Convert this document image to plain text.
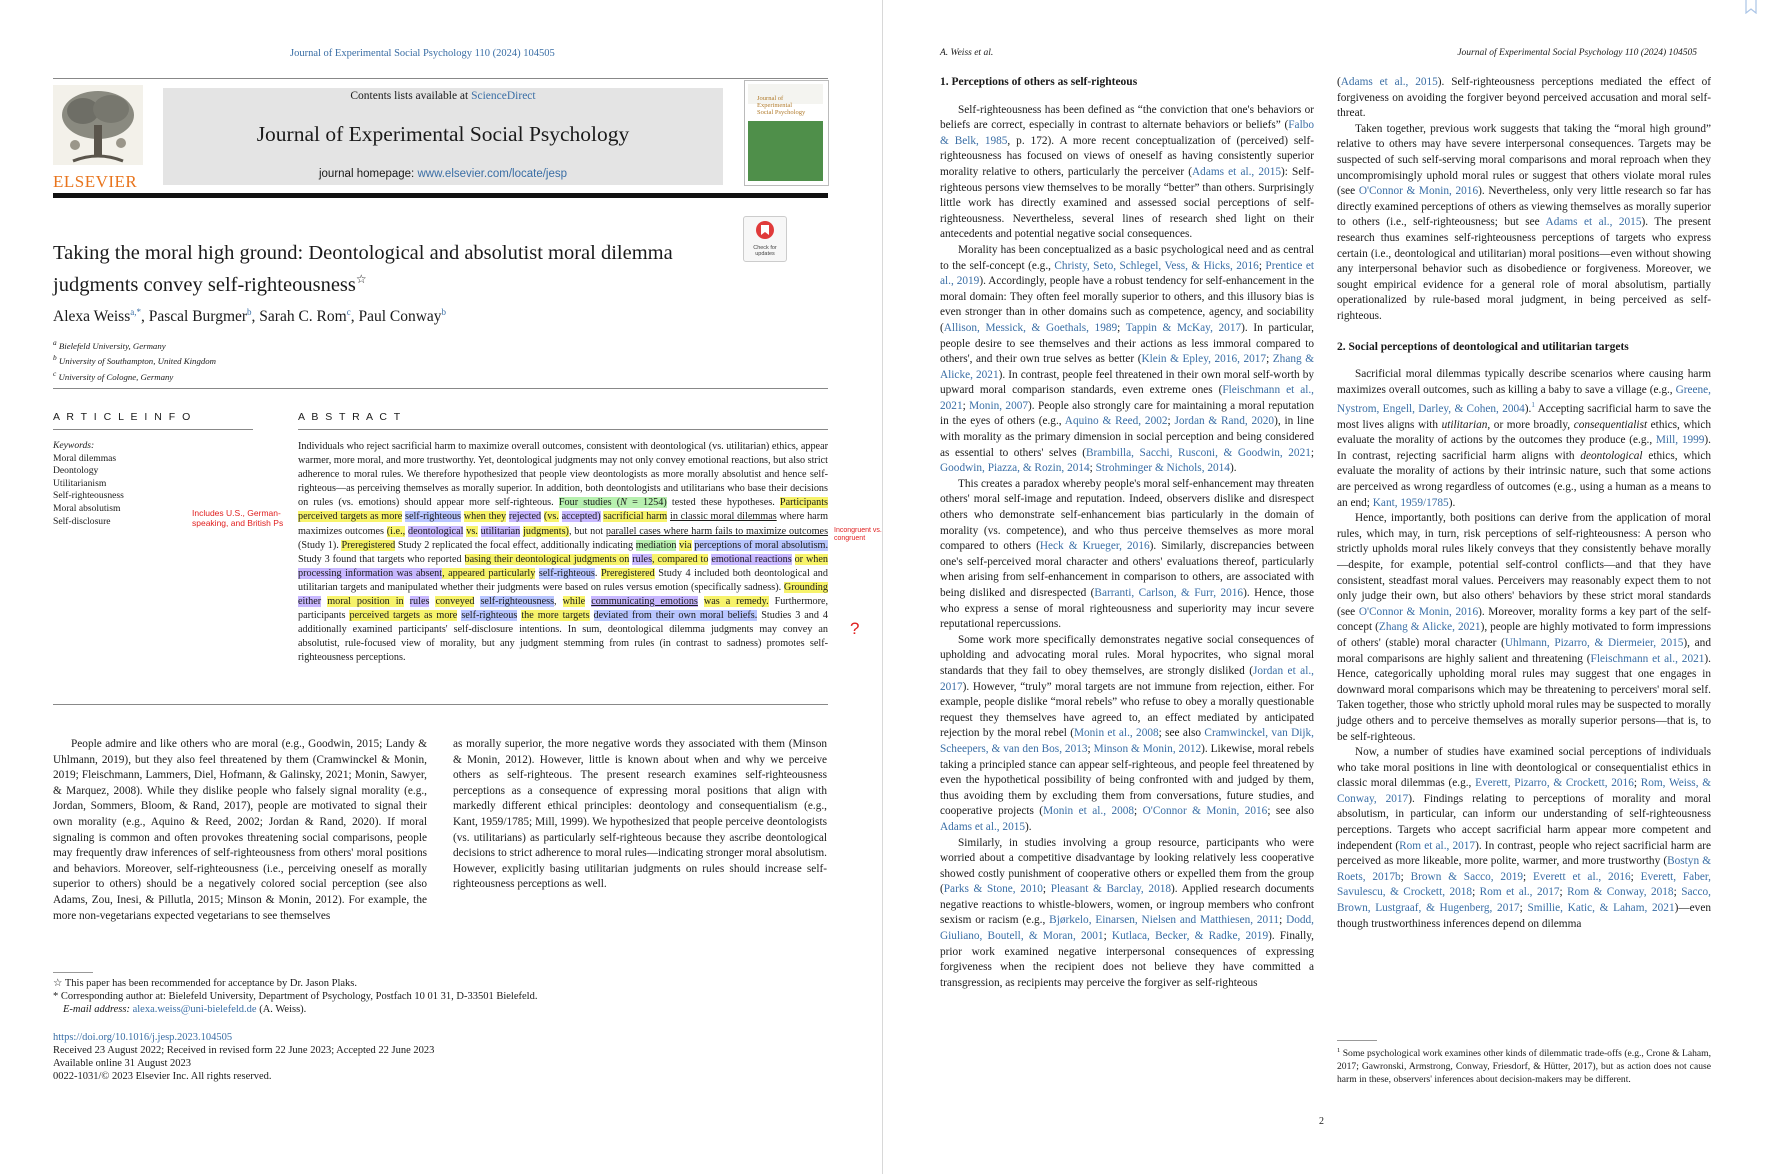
Journal of Experimental Social Psychology 110 (2024) 104505
ELSEVIER
Contents lists available at ScienceDirect
Journal of Experimental Social Psychology
journal homepage: www.elsevier.com/locate/jesp
Journal of
Experimental
Social Psychology
Check for
updates
Taking the moral high ground: Deontological and absolutist moral dilemma judgments convey self-righteousness☆
Alexa Weiss$^{a,*}$, Pascal Burgmer$^b$, Sarah C. Rom$^c$, Paul Conway$^b$
$^a$ Bielefeld University, Germany
$^b$ University of Southampton, United Kingdom
$^c$ University of Cologne, Germany
A R T I C L E I N F O
Keywords:
Moral dilemmas
Deontology
Utilitarianism
Self-righteousness
Moral absolutism
Self-disclosure
Includes U.S., German-speaking, and British Ps
A B S T R A C T
Individuals who reject sacrificial harm to maximize overall outcomes, consistent with deontological (vs. utilitarian) ethics, appear warmer, more moral, and more trustworthy. Yet, deontological judgments may not only convey emotional reactions, but also strict adherence to moral rules. We therefore hypothesized that people view deontologists as more morally absolutist and hence self-righteous—as perceiving themselves as morally superior. In addition, both deontologists and utilitarians who base their decisions on rules (vs. emotions) should appear more self-righteous. Four studies (N = 1254) tested these hypotheses. Participants perceived targets as more self-righteous when they rejected (vs. accepted) sacrificial harm in classic moral dilemmas where harm maximizes outcomes (i.e., deontological vs. utilitarian judgments), but not parallel cases where harm fails to maximize outcomes (Study 1). Preregistered Study 2 replicated the focal effect, additionally indicating mediation via perceptions of moral absolutism. Study 3 found that targets who reported basing their deontological judgments on rules, compared to emotional reactions or when processing information was absent, appeared particularly self-righteous. Preregistered Study 4 included both deontological and utilitarian targets and manipulated whether their judgments were based on rules versus emotion (specifically sadness). Grounding either moral position in rules conveyed self-righteousness, while communicating emotions was a remedy. Furthermore, participants perceived targets as more self-righteous the more targets deviated from their own moral beliefs. Studies 3 and 4 additionally examined participants' self-disclosure intentions. In sum, deontological dilemma judgments may convey an absolutist, rule-focused view of morality, but any judgment stemming from rules (in contrast to sadness) promotes self-righteousness perceptions.
Incongruent vs. congruent
?
People admire and like others who are moral (e.g., Goodwin, 2015; Landy & Uhlmann, 2019), but they also feel threatened by them (Cramwinckel & Monin, 2019; Fleischmann, Lammers, Diel, Hofmann, & Galinsky, 2021; Monin, Sawyer, & Marquez, 2008). While they dislike people who falsely signal morality (e.g., Jordan, Sommers, Bloom, & Rand, 2017), people are motivated to signal their own morality (e.g., Aquino & Reed, 2002; Jordan & Rand, 2020). If moral signaling is common and often provokes threatening social comparisons, people may frequently draw inferences of self-righteousness from others' moral positions and behaviors. Moreover, self-righteousness (i.e., perceiving oneself as morally superior to others) should be a negatively colored social perception (see also Adams, Zou, Inesi, & Pillutla, 2015; Minson & Monin, 2012). For example, the more non-vegetarians expected vegetarians to see themselves
as morally superior, the more negative words they associated with them (Minson & Monin, 2012). However, little is known about when and why we perceive others as self-righteous. The present research examines self-righteousness perceptions as a consequence of expressing moral positions that align with markedly different ethical principles: deontology and consequentialism (e.g., Kant, 1959/1785; Mill, 1999). We hypothesized that people perceive deontologists (vs. utilitarians) as particularly self-righteous because they ascribe deontological decisions to strict adherence to moral rules—indicating stronger moral absolutism. However, explicitly basing utilitarian judgments on rules should increase self-righteousness perceptions as well.
☆ This paper has been recommended for acceptance by Dr. Jason Plaks.
* Corresponding author at: Bielefeld University, Department of Psychology, Postfach 10 01 31, D-33501 Bielefeld.
E-mail address: alexa.weiss@uni-bielefeld.de (A. Weiss).
https://doi.org/10.1016/j.jesp.2023.104505
Received 23 August 2022; Received in revised form 22 June 2023; Accepted 22 June 2023
Available online 31 August 2023
0022-1031/© 2023 Elsevier Inc. All rights reserved.
A. Weiss et al.	Journal of Experimental Social Psychology 110 (2024) 104505

1. Perceptions of others as self-righteous

Self-righteousness has been defined as “the conviction that one's behaviors or beliefs are correct, especially in contrast to alternate behaviors or beliefs” (Falbo & Belk, 1985, p. 172). A more recent conceptualization of (perceived) self-righteousness has focused on views of oneself as having consistently superior morality relative to others, particularly the perceiver (Adams et al., 2015): Self-righteous persons view themselves to be morally “better” than others. Surprisingly little work has directly examined and assessed social perceptions of self-righteousness. Nevertheless, several lines of research shed light on their antecedents and potential negative social consequences.

Morality has been conceptualized as a basic psychological need and as central to the self-concept (e.g., Christy, Seto, Schlegel, Vess, & Hicks, 2016; Prentice et al., 2019). Accordingly, people have a robust tendency for self-enhancement in the moral domain: They often feel morally superior to others, and this illusory bias is even stronger than in other domains such as competence, agency, and sociability (Allison, Messick, & Goethals, 1989; Tappin & McKay, 2017). In particular, people desire to see themselves and their actions as less immoral compared to others', and their own true selves as better (Klein & Epley, 2016, 2017; Zhang & Alicke, 2021). In contrast, people feel threatened in their own moral self-worth by upward moral comparison standards, even extreme ones (Fleischmann et al., 2021; Monin, 2007). People also strongly care for maintaining a moral reputation in the eyes of others (e.g., Aquino & Reed, 2002; Jordan & Rand, 2020), in line with morality as the primary dimension in social perception and being considered as essential to others' selves (Brambilla, Sacchi, Rusconi, & Goodwin, 2021; Goodwin, Piazza, & Rozin, 2014; Strohminger & Nichols, 2014).

This creates a paradox whereby people's moral self-enhancement may threaten others' moral self-image and reputation. Indeed, observers dislike and disrespect others who demonstrate self-enhancement bias particularly in the domain of morality (vs. competence), and who thus perceive themselves as more moral compared to others (Heck & Krueger, 2016). Similarly, discrepancies between one's self-perceived moral character and others' evaluations thereof, particularly when arising from self-enhancement in comparison to others, are associated with being disliked and disrespected (Barranti, Carlson, & Furr, 2016). Hence, those who express a sense of moral righteousness and superiority may incur severe reputational repercussions.

Some work more specifically demonstrates negative social consequences of upholding and advocating moral rules. Moral hypocrites, who signal moral standards that they fail to obey themselves, are strongly disliked (Jordan et al., 2017). However, “truly” moral targets are not immune from rejection, either. For example, people dislike “moral rebels” who refuse to obey a morally questionable request they themselves have agreed to, an effect mediated by anticipated rejection by the moral rebel (Monin et al., 2008; see also Cramwinckel, van Dijk, Scheepers, & van den Bos, 2013; Minson & Monin, 2012). Likewise, moral rebels taking a principled stance can appear self-righteous, and people feel threatened by even the hypothetical possibility of being confronted with and judged by them, thus avoiding them by excluding them from conversations, future studies, and cooperative projects (Monin et al., 2008; O'Connor & Monin, 2016; see also Adams et al., 2015).

Similarly, in studies involving a group resource, participants who were worried about a competitive disadvantage by looking relatively less cooperative showed costly punishment of cooperative others or expelled them from the group (Parks & Stone, 2010; Pleasant & Barclay, 2018). Applied research documents negative reactions to whistle-blowers, women, or ingroup members who confront sexism or racism (e.g., Bjørkelo, Einarsen, Nielsen and Matthiesen, 2011; Dodd, Giuliano, Boutell, & Moran, 2001; Kutlaca, Becker, & Radke, 2019). Finally, prior work examined negative interpersonal consequences of expressing forgiveness when the recipient does not believe they have committed a transgression, as recipients may perceive the forgiver as self-righteous

(Adams et al., 2015). Self-righteousness perceptions mediated the effect of forgiveness on avoiding the forgiver beyond perceived accusation and moral self-threat.

Taken together, previous work suggests that taking the “moral high ground” relative to others may have severe interpersonal consequences. Targets may be suspected of such self-serving moral comparisons and moral reproach when they uncompromisingly uphold moral rules or suggest that others violate moral rules (see O'Connor & Monin, 2016). Nevertheless, only very little research so far has directly examined perceptions of others as viewing themselves as morally superior to others (i.e., self-righteousness; but see Adams et al., 2015). The present research thus examines self-righteousness perceptions of targets who express certain (i.e., deontological and utilitarian) moral positions—even without showing any interpersonal behavior such as disobedience or forgiveness. Moreover, we sought empirical evidence for a general role of moral absolutism, partially operationalized by rule-based moral judgment, in being perceived as self-righteous.

2. Social perceptions of deontological and utilitarian targets

Sacrificial moral dilemmas typically describe scenarios where causing harm maximizes overall outcomes, such as killing a baby to save a village (e.g., Greene, Nystrom, Engell, Darley, & Cohen, 2004).$^1$ Accepting sacrificial harm to save the most lives aligns with utilitarian, or more broadly, consequentialist ethics, which evaluate the morality of actions by the outcomes they produce (e.g., Mill, 1999). In contrast, rejecting sacrificial harm aligns with deontological ethics, which evaluate the morality of actions by their intrinsic nature, such that some actions are perceived as wrong regardless of outcomes (e.g., using a human as a means to an end; Kant, 1959/1785).

Hence, importantly, both positions can derive from the application of moral rules, which may, in turn, risk perceptions of self-righteousness: A person who strictly upholds moral rules likely conveys that they consistently behave morally—despite, for example, potential self-control conflicts—and that they have consistent, steadfast moral values. Perceivers may reasonably expect them to not only judge their own, but also others' behaviors by these strict moral standards (see O'Connor & Monin, 2016). Moreover, morality forms a key part of the self-concept (Zhang & Alicke, 2021), people are highly motivated to form impressions of others' (stable) moral character (Uhlmann, Pizarro, & Diermeier, 2015), and moral comparisons are highly salient and threatening (Fleischmann et al., 2021). Hence, categorically upholding moral rules may suggest that one engages in downward moral comparisons which may be threatening to perceivers' moral self. Taken together, those who strictly uphold moral rules may be suspected to morally judge others and to perceive themselves as morally superior persons—that is, to be self-righteous.

Now, a number of studies have examined social perceptions of individuals who take moral positions in line with deontological or consequentialist ethics in classic moral dilemmas (e.g., Everett, Pizarro, & Crockett, 2016; Rom, Weiss, & Conway, 2017). Findings relating to perceptions of morality and moral absolutism, in particular, can inform our understanding of self-righteousness perceptions. Targets who accept sacrificial harm appear more competent and independent (Rom et al., 2017). In contrast, people who reject sacrificial harm are perceived as more likeable, more polite, warmer, and more trustworthy (Bostyn & Roets, 2017b; Brown & Sacco, 2019; Everett et al., 2016; Everett, Faber, Savulescu, & Crockett, 2018; Rom et al., 2017; Rom & Conway, 2018; Sacco, Brown, Lustgraaf, & Hugenberg, 2017; Smillie, Katic, & Laham, 2021)—even though trustworthiness inferences depend on dilemma

$^1$ Some psychological work examines other kinds of dilemmatic trade-offs (e.g., Crone & Laham, 2017; Gawronski, Armstrong, Conway, Friesdorf, & Hütter, 2017), but as action does not cause harm in these, observers' inferences about decision-makers may be different.
2
